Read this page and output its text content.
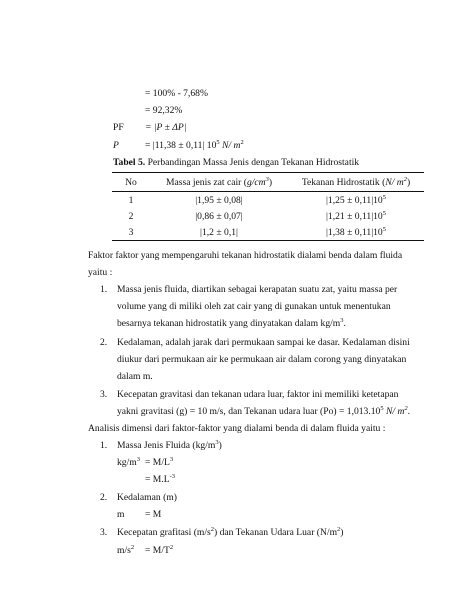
= 100% - 7,68%
= 92,32%
PF = |P ± ΔP|
P	= |11,38 ± 0,11| $10^5$ N/ $m^2$
Tabel 5. Perbandingan Massa Jenis dengan Tekanan Hidrostatik
No	Massa jenis zat cair $(g/cm^3)$	Tekanan Hidrostatik (N/ $m^2$)
1	|1,95 ± 0,08|	$|1,25 \pm 0,11|10^5$
2	|0,86 ± 0,07|	$|1,21 \pm 0,11|10^5$
3	|1,2 ± 0,1|	$|1,38 \pm 0,11|10^5$
Faktor faktor yang mempengaruhi tekanan hidrostatik dialami benda dalam fluida
yaitu :
1. Massa jenis fluida, diartikan sebagai kerapatan suatu zat, yaitu massa per
volume yang di miliki oleh zat cair yang di gunakan untuk menentukan
besarnya tekanan hidrostatik yang dinyatakan dalam $kg/m^3$.
2. Kedalaman, adalah jarak dari permukaan sampai ke dasar. Kedalaman disini
diukur dari permukaan air ke permukaan air dalam corong yang dinyatakan
dalam m.
3. Kecepatan gravitasi dan tekanan udara luar, faktor ini memiliki ketetapan
yakni gravitasi (g) = 10 m/s, dan Tekanan udara luar $(Po) = 1,013.10^5$ N/ $m^2$.
Analisis dimensi dari faktor-faktor yang dialami benda di dalam fluida yaitu :
1. Massa Jenis Fluida $(kg/m^3)$
$kg/m^3 = M/L^3$
= $M.L^{-3}$
2. Kedalaman (m)
m = M
3. Kecepatan grafitasi $(m/s^2)$ dan Tekanan Udara Luar $(N/m^2)$
$m/s^2 = M/T^2$
